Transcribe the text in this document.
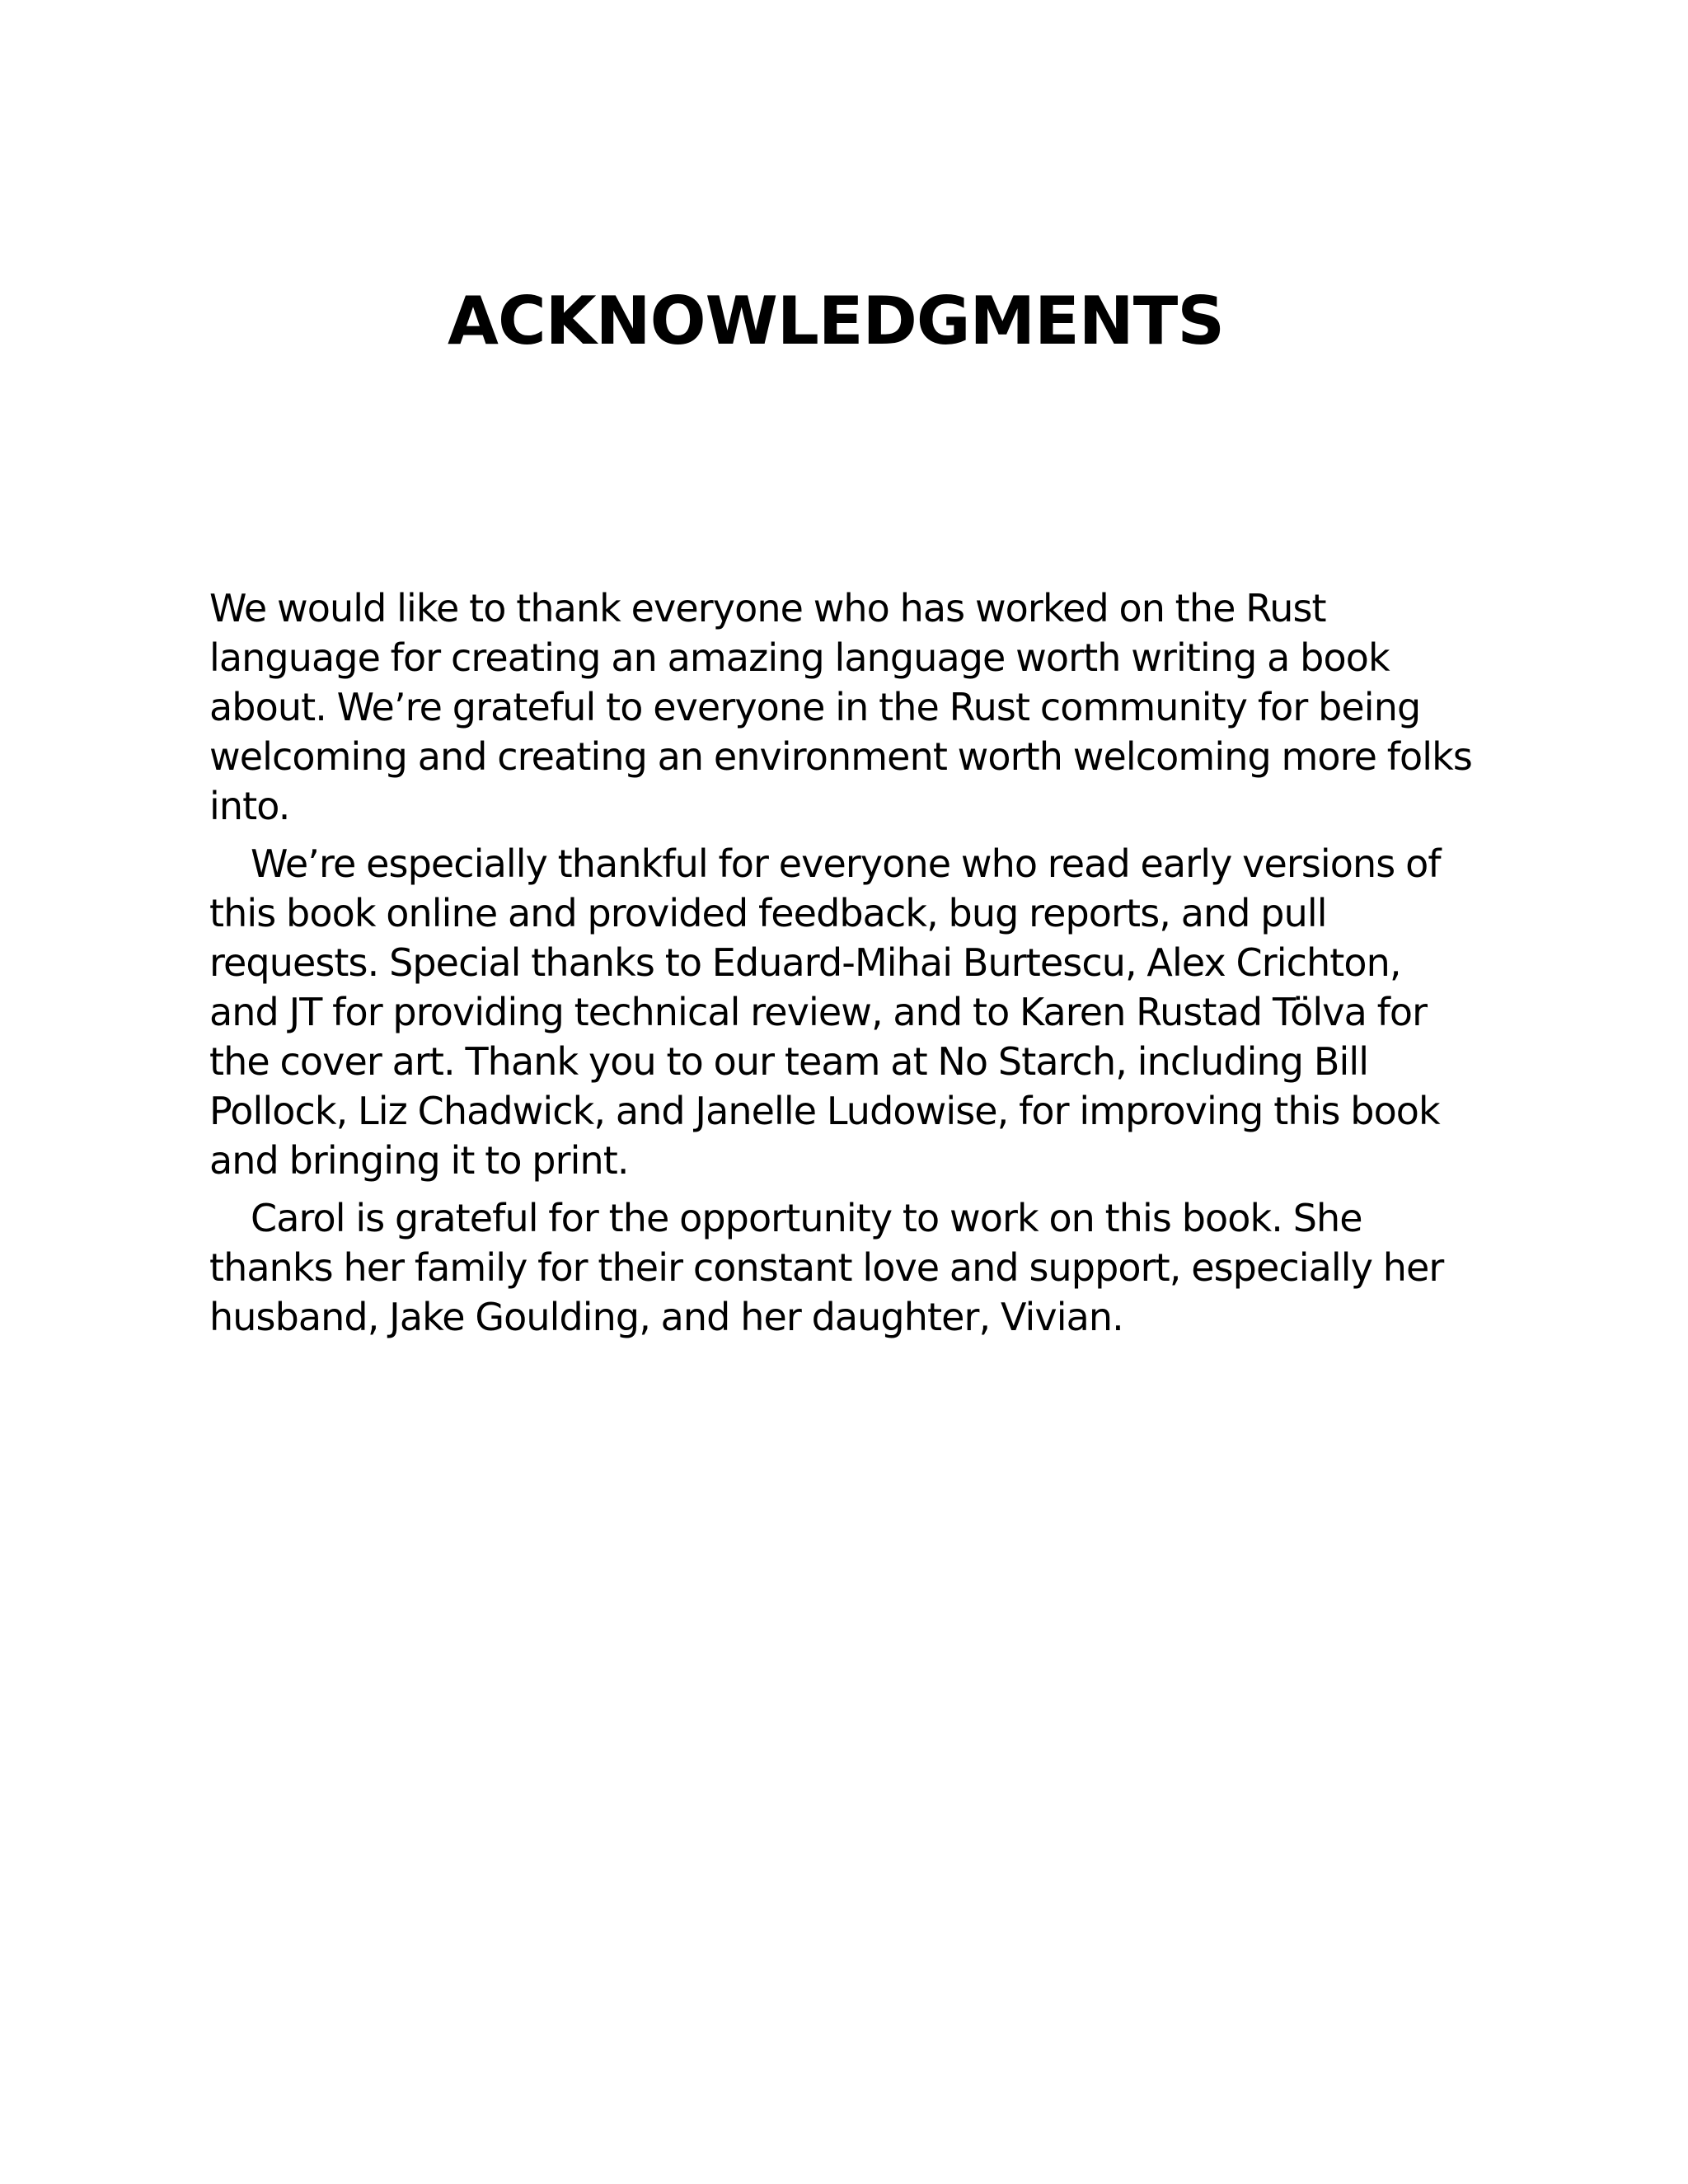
ACKNOWLEDGMENTS

We would like to thank everyone who has worked on the Rust
language for creating an amazing language worth writing a book
about. We’re grateful to everyone in the Rust community for being
welcoming and creating an environment worth welcoming more folks
into.

We’re especially thankful for everyone who read early versions of
this book online and provided feedback, bug reports, and pull
requests. Special thanks to Eduard-Mihai Burtescu, Alex Crichton,
and JT for providing technical review, and to Karen Rustad Tölva for
the cover art. Thank you to our team at No Starch, including Bill
Pollock, Liz Chadwick, and Janelle Ludowise, for improving this book
and bringing it to print.

Carol is grateful for the opportunity to work on this book. She
thanks her family for their constant love and support, especially her
husband, Jake Goulding, and her daughter, Vivian.
